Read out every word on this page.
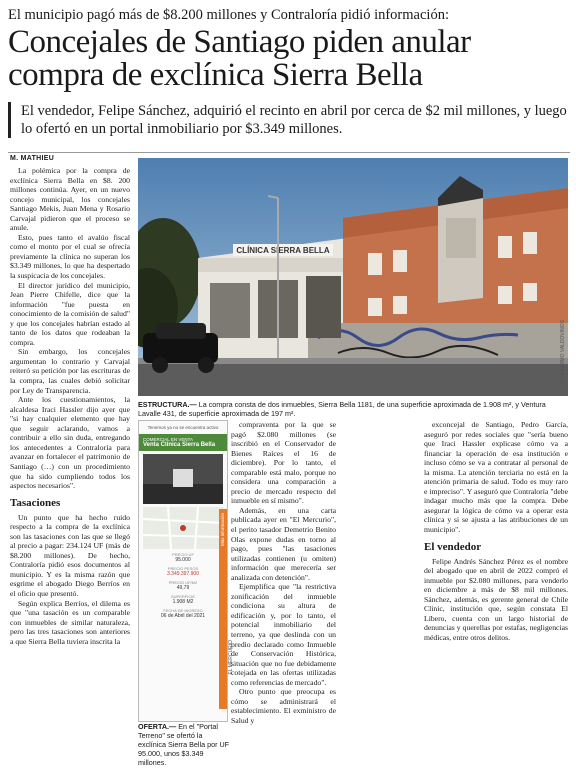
El municipio pagó más de $8.200 millones y Contraloría pidió información:
Concejales de Santiago piden anular compra de exclínica Sierra Bella
El vendedor, Felipe Sánchez, adquirió el recinto en abril por cerca de $2 mil millones, y luego lo ofertó en un portal inmobiliario por $3.349 millones.
M. MATHIEU
CLÍNICA SIERRA BELLA
GUILLERMO VALDOVINOS
ESTRUCTURA.— La compra consta de dos inmuebles, Sierra Bella 1181, de una superficie aproximada de 1.908 m², y Ventura Lavalle 431, de superficie aproximada de 197 m².
Tenemos ya no se encuentra activo
COMERCIAL EN VENTA
Venta Clínica Sierra Bella
PRECIO UF
95.000
PRECIO PESOS
3.349.397.900
PRECIO UF/M2
49,79
SUPERFICIE
1.908 M2
FECHA DE INGRESO
06 de Abril del 2021
Más información
EL MERCURIO
OFERTA.— En el "Portal Terreno" se ofertó la exclínica Sierra Bella por UF 95.000, unos $3.349 millones.

La polémica por la compra de exclínica Sierra Bella en $8. 200 millones continúa. Ayer, en un nuevo concejo municipal, los concejales Santiago Mekis, Juan Mena y Rosario Carvajal pidieron que el proceso se anule.

Esto, pues tanto el avalúo fiscal como el monto por el cual se ofrecía previamente la clínica no superan los $3.349 millones, lo que ha despertado la suspicacia de los concejales.

El director jurídico del municipio, Jean Pierre Chifelle, dice que la información "fue puesta en conocimiento de la comisión de salud" y que los concejales habrían estado al tanto de los datos que rodeaban la compra.

Sin embargo, los concejales argumentan lo contrario y Carvajal reiteró su petición por las escrituras de la compra, las cuales debió solicitar por Ley de Transparencia.

Ante los cuestionamientos, la alcaldesa Iraci Hassler dijo ayer que "si hay cualquier elemento que hay que seguir aclarando, vamos a contribuir a ello sin duda, entregando los antecedentes a Contraloría para avanzar en fortalecer el patrimonio de Santiago (…) con un procedimiento que ha sido cumpliendo todos los aspectos necesarios".

Tasaciones

Un punto que ha hecho ruido respecto a la compra de la exclínica son las tasaciones con las que se llegó al precio a pagar: 234.124 UF (más de $8.200 millones). De hecho, Contraloría pidió esos documentos al municipio. Y es la misma razón que esgrime el abogado Diego Berríos en el oficio que presentó.

Según explica Berríos, el dilema es que "una tasación es un comparable con inmuebles de similar naturaleza, pero las tres tasaciones son anteriores a que Sierra Bella tuviera inscrita la

compraventa por la que se pagó $2.080 millones (se inscribió en el Conservador de Bienes Raíces el 16 de diciembre). Por lo tanto, el comparable está malo, porque no considera una comparación a precio de mercado respecto del inmueble en sí mismo".

Además, en una carta publicada ayer en "El Mercurio", el perito tasador Demetrio Benito Olas expone dudas en torno al pago, pues "las tasaciones utilizadas contienen (u omiten) información que merecería ser analizada con detención".

Ejemplifica que "la restrictiva zonificación del inmueble condiciona su altura de edificación y, por lo tanto, el potencial inmobiliario del terreno, ya que deslinda con un predio declarado como Inmueble de Conservación Histórica, situación que no fue debidamente cotejada en las ofertas utilizadas como referencias de mercado".

Otro punto que preocupa es cómo se administrará el establecimiento. El exministro de Salud y

exconcejal de Santiago, Pedro García, aseguró por redes sociales que "sería bueno que Iraci Hassler explicase cómo va a financiar la operación de esa institución e incluso cómo se va a contratar al personal de la misma. La atención terciaria no está en la atención primaria de salud. Todo es muy raro e impreciso". Y aseguró que Contraloría "debe indagar mucho más que la compra. Debe asegurar la lógica de cómo va a operar esta clínica y si se ajusta a las atribuciones de un municipio".

El vendedor

Felipe Andrés Sánchez Pérez es el nombre del abogado que en abril de 2022 compró el inmueble por $2.080 millones, para venderlo en diciembre a más de $8 mil millones. Sánchez, además, es gerente general de Chile Clinic, institución que, según constata El Líbero, cuenta con un largo historial de denuncias y querellas por estafas, negligencias médicas, entre otros delitos.
